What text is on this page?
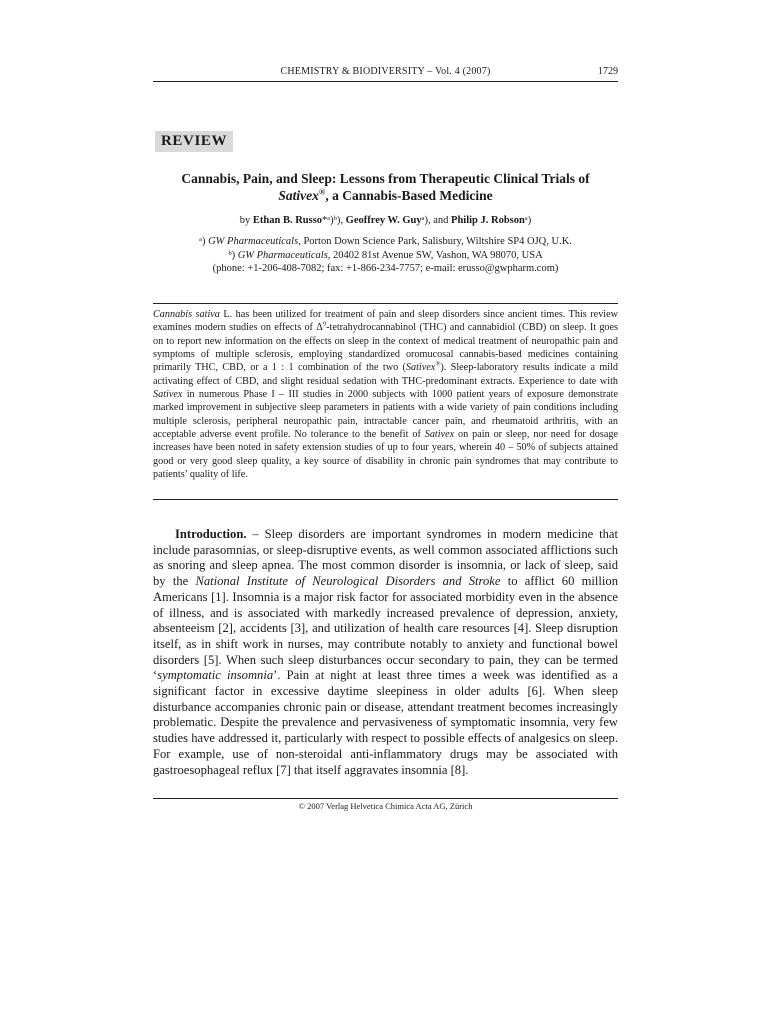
CHEMISTRY & BIODIVERSITY – Vol. 4 (2007)	1729
REVIEW
Cannabis, Pain, and Sleep: Lessons from Therapeutic Clinical Trials of
Sativex®, a Cannabis-Based Medicine
by Ethan B. Russo*ᵃ)ᵇ), Geoffrey W. Guyᵃ), and Philip J. Robsonᵃ)
ᵃ) GW Pharmaceuticals, Porton Down Science Park, Salisbury, Wiltshire SP4 OJQ, U.K.
ᵇ) GW Pharmaceuticals, 20402 81st Avenue SW, Vashon, WA 98070, USA
(phone: +1-206-408-7082; fax: +1-866-234-7757; e-mail: erusso@gwpharm.com)

Cannabis sativa L. has been utilized for treatment of pain and sleep disorders since ancient times. This review examines modern studies on effects of $\Delta^9$-tetrahydrocannabinol (THC) and cannabidiol (CBD) on sleep. It goes on to report new information on the effects on sleep in the context of medical treatment of neuropathic pain and symptoms of multiple sclerosis, employing standardized oromucosal cannabis-based medicines containing primarily THC, CBD, or a 1 : 1 combination of the two (Sativex®). Sleep-laboratory results indicate a mild activating effect of CBD, and slight residual sedation with THC-predominant extracts. Experience to date with Sativex in numerous Phase I – III studies in 2000 subjects with 1000 patient years of exposure demonstrate marked improvement in subjective sleep parameters in patients with a wide variety of pain conditions including multiple sclerosis, peripheral neuropathic pain, intractable cancer pain, and rheumatoid arthritis, with an acceptable adverse event profile. No tolerance to the benefit of Sativex on pain or sleep, nor need for dosage increases have been noted in safety extension studies of up to four years, wherein 40 – 50% of subjects attained good or very good sleep quality, a key source of disability in chronic pain syndromes that may contribute to patients’ quality of life.

Introduction. – Sleep disorders are important syndromes in modern medicine that include parasomnias, or sleep-disruptive events, as well common associated afflictions such as snoring and sleep apnea. The most common disorder is insomnia, or lack of sleep, said by the National Institute of Neurological Disorders and Stroke to afflict 60 million Americans [1]. Insomnia is a major risk factor for associated morbidity even in the absence of illness, and is associated with markedly increased prevalence of depression, anxiety, absenteeism [2], accidents [3], and utilization of health care resources [4]. Sleep disruption itself, as in shift work in nurses, may contribute notably to anxiety and functional bowel disorders [5]. When such sleep disturbances occur secondary to pain, they can be termed ‘symptomatic insomnia’. Pain at night at least three times a week was identified as a significant factor in excessive daytime sleepiness in older adults [6]. When sleep disturbance accompanies chronic pain or disease, attendant treatment becomes increasingly problematic. Despite the prevalence and pervasiveness of symptomatic insomnia, very few studies have addressed it, particularly with respect to possible effects of analgesics on sleep. For example, use of non-steroidal anti-inflammatory drugs may be associated with gastroesophageal reflux [7] that itself aggravates insomnia [8].

© 2007 Verlag Helvetica Chimica Acta AG, Zürich
